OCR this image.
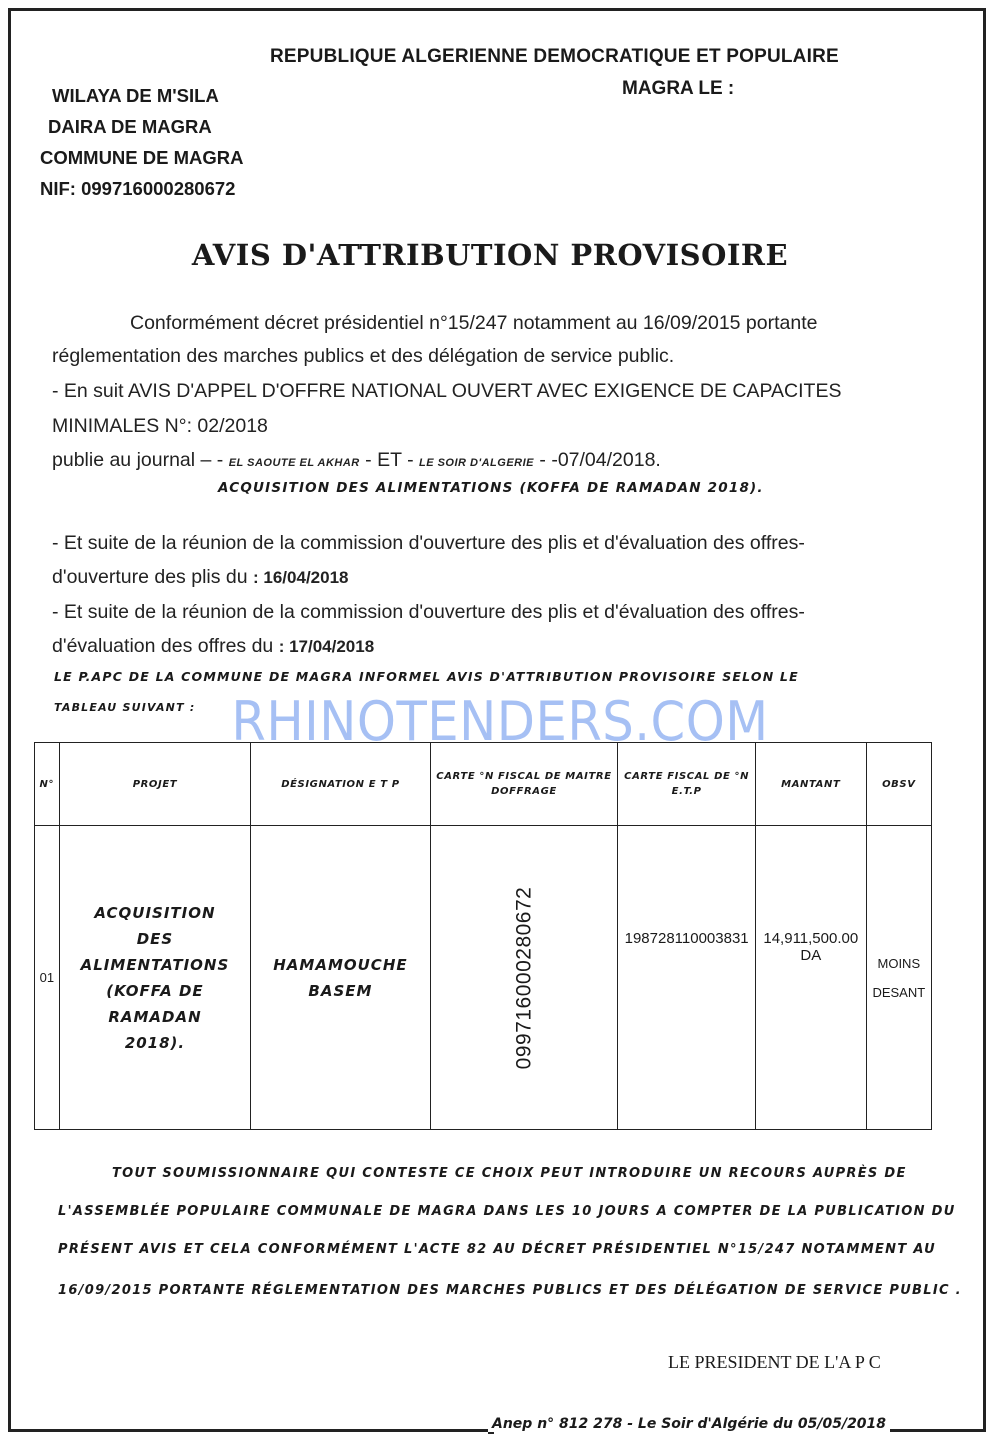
REPUBLIQUE ALGERIENNE DEMOCRATIQUE ET POPULAIRE
MAGRA LE :
WILAYA DE M'SILA
DAIRA DE MAGRA
COMMUNE DE MAGRA
NIF: 099716000280672
AVIS D'ATTRIBUTION PROVISOIRE
Conformément décret présidentiel n°15/247 notamment au 16/09/2015 portante
réglementation des marches publics et des délégation de service public.
- En suit AVIS D'APPEL D'OFFRE NATIONAL OUVERT AVEC EXIGENCE DE CAPACITES
MINIMALES N°: 02/2018
publie au journal – - EL SAOUTE EL AKHAR - ET - LE SOIR D'ALGERIE - -07/04/2018.
ACQUISITION DES ALIMENTATIONS (KOFFA DE RAMADAN 2018).
- Et suite de la réunion de la commission d'ouverture des plis et d'évaluation des offres-
d'ouverture des plis du : 16/04/2018
- Et suite de la réunion de la commission d'ouverture des plis et d'évaluation des offres-
d'évaluation des offres du : 17/04/2018
LE P.APC DE LA COMMUNE DE MAGRA INFORMEL AVIS D'ATTRIBUTION PROVISOIRE SELON LE
TABLEAU SUIVANT : RHINOTENDERS.COM
N°	PROJET	DÉSIGNATION E T P	CARTE °N FISCAL DE MAITRE DOFFRAGE	CARTE FISCAL DE °N E.T.P	MANTANT	OBSV
01	ACQUISITION DES ALIMENTATIONS (KOFFA DE RAMADAN 2018).	HAMAMOUCHE BASEM	099716000280672	198728110003831	14,911,500.00 DA	MOINS
DESANT
TOUT SOUMISSIONNAIRE QUI CONTESTE CE CHOIX PEUT INTRODUIRE UN RECOURS AUPRÈS DE
L'ASSEMBLÉE POPULAIRE COMMUNALE DE MAGRA DANS LES 10 JOURS A COMPTER DE LA PUBLICATION DU
PRÉSENT AVIS ET CELA CONFORMÉMENT L'ACTE 82 AU DÉCRET PRÉSIDENTIEL N°15/247 NOTAMMENT AU
16/09/2015 PORTANTE RÉGLEMENTATION DES MARCHES PUBLICS ET DES DÉLÉGATION DE SERVICE PUBLIC .
LE PRESIDENT DE L'A P C
Anep n° 812 278 - Le Soir d'Algérie du 05/05/2018
